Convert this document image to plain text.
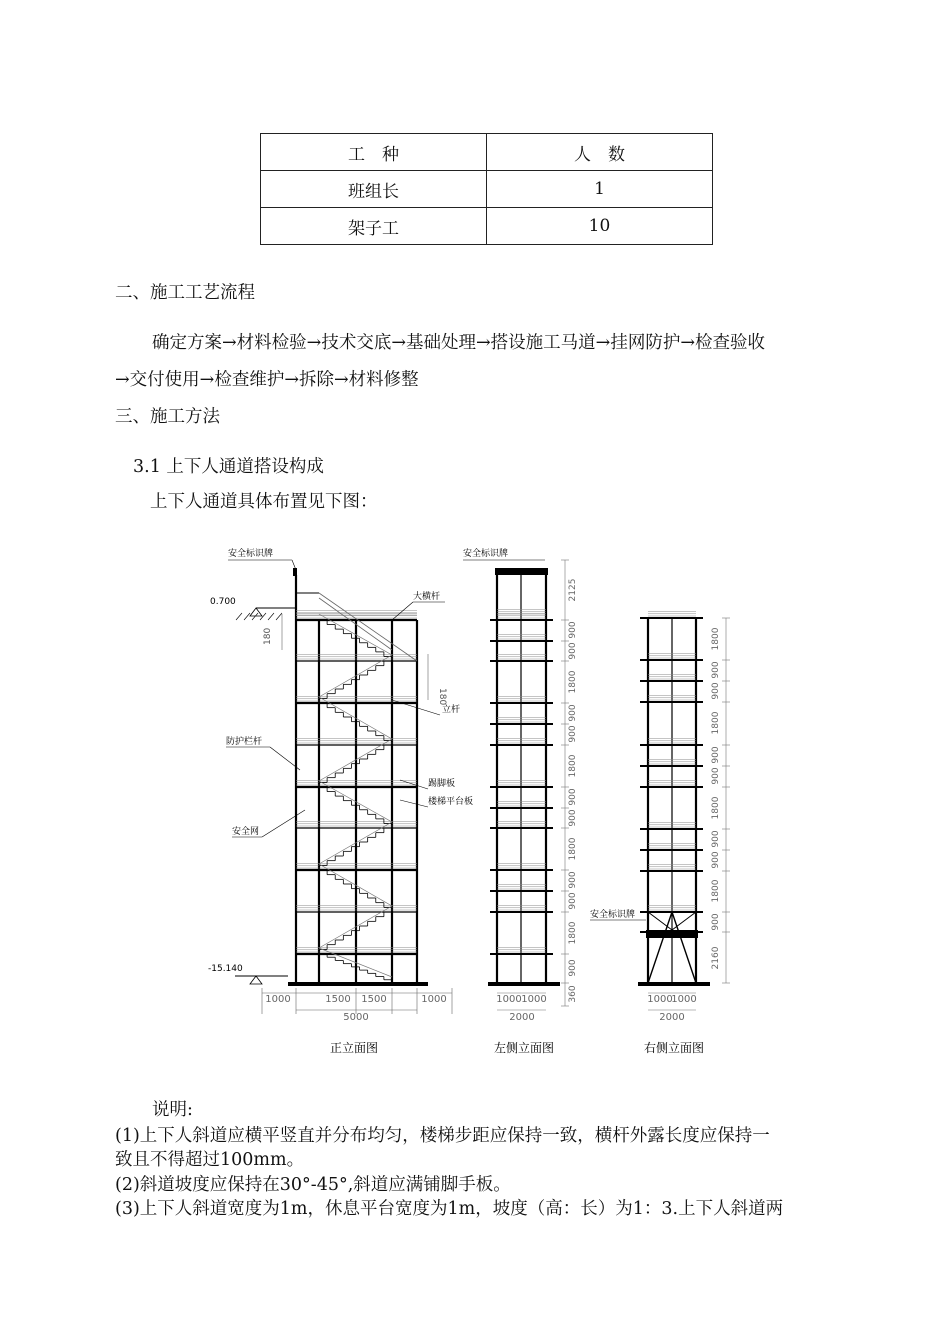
工　种	人　数
班组长	1
架子工	10
二、施工工艺流程
确定方案→材料检验→技术交底→基础处理→搭设施工马道→挂网防护→检查验收
→交付使用→检查维护→拆除→材料修整
三、施工方法
3.1 上下人通道搭设构成
上下人通道具体布置见下图：
2125
900
900
1800
900
900
1800
900
900
1800
900
900
1800
900
360
1800
900
900
1800
900
900
1800
900
900
1800
900
2160
安全标识牌
0.700
180
180
大横杆
立杆
防护栏杆
踢脚板
楼梯平台板
安全网
-15.140
1000	1500 1500	1000
5000
正立面图
安全标识牌
1000 1000
2000
左侧立面图
安全标识牌
1000
1000
2000
右侧立面图
说明:
(1)上下人斜道应横平竖直并分布均匀，楼梯步距应保持一致，横杆外露长度应保持一
致且不得超过100mm。
(2)斜道坡度应保持在30°-45°,斜道应满铺脚手板。
(3)上下人斜道宽度为1m，休息平台宽度为1m，坡度（高：长）为1：3.上下人斜道两
